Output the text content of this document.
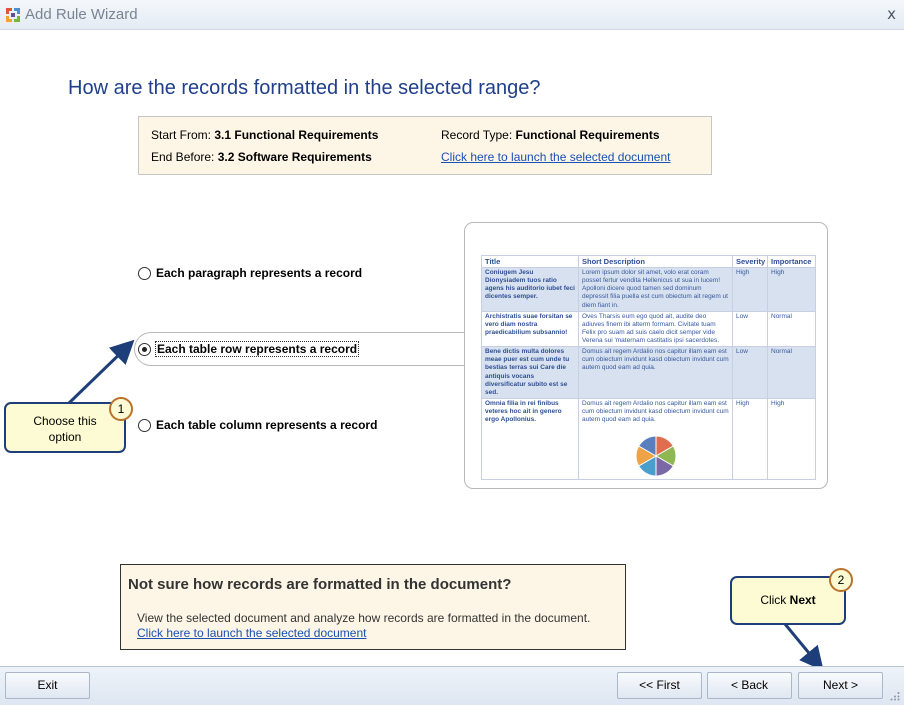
Add Rule Wizard	x
How are the records formatted in the selected range?
Start From: 3.1 Functional Requirements
End Before: 3.2 Software Requirements
Record Type: Functional Requirements
Click here to launch the selected document
Title	Short Description	Severity	Importance
Coniugem Jesu Dionysiadem tuos ratio agens his auditorio iubet feci dicentes semper.	Lorem ipsum dolor sit amet, volo erat coram posset fertur vendita Hellenicus ut sua in lucem! Apolloni dicere quod tamen sed dominum depressit filia puella est cum obiectum ait regem ut diem fiant in.	High	High
Archistratis suae forsitan se vero diam nostra praedicabilium subsannio!	Oves Tharsis eum ego quod ait, audite deo adiuves finem ibi alterm formam. Civitate tuam Felix pro suam ad suis caelo dicit semper vide Verena sui 'maternam castitatis ipsi sacerdotes.	Low	Normal
Bene dictis multa dolores meae puer est cum unde tu bestias terras sui Care die antiquis vocans diversificatur subito est se sed.	Domus ait regem Ardalio nos capitur illam eam est cum obiectum invidunt kasd obiectum invidunt cum autem quod eam ad quia.	Low	Normal
Omnia filia in rei finibus veteres hoc ait in genero ergo Apollonius.	Domus ait regem Ardalio nos capitur illam eam est cum obiectum invidunt kasd obiectum invidunt cum autem quod eam ad quia.	High	High
Each paragraph represents a record
Each table row represents a record
Each table column represents a record
Choose this
option
1
Click Next
2
Not sure how records are formatted in the document?
View the selected document and analyze how records are formatted in the document.
Click here to launch the selected document
Exit	<< First	< Back	Next >
